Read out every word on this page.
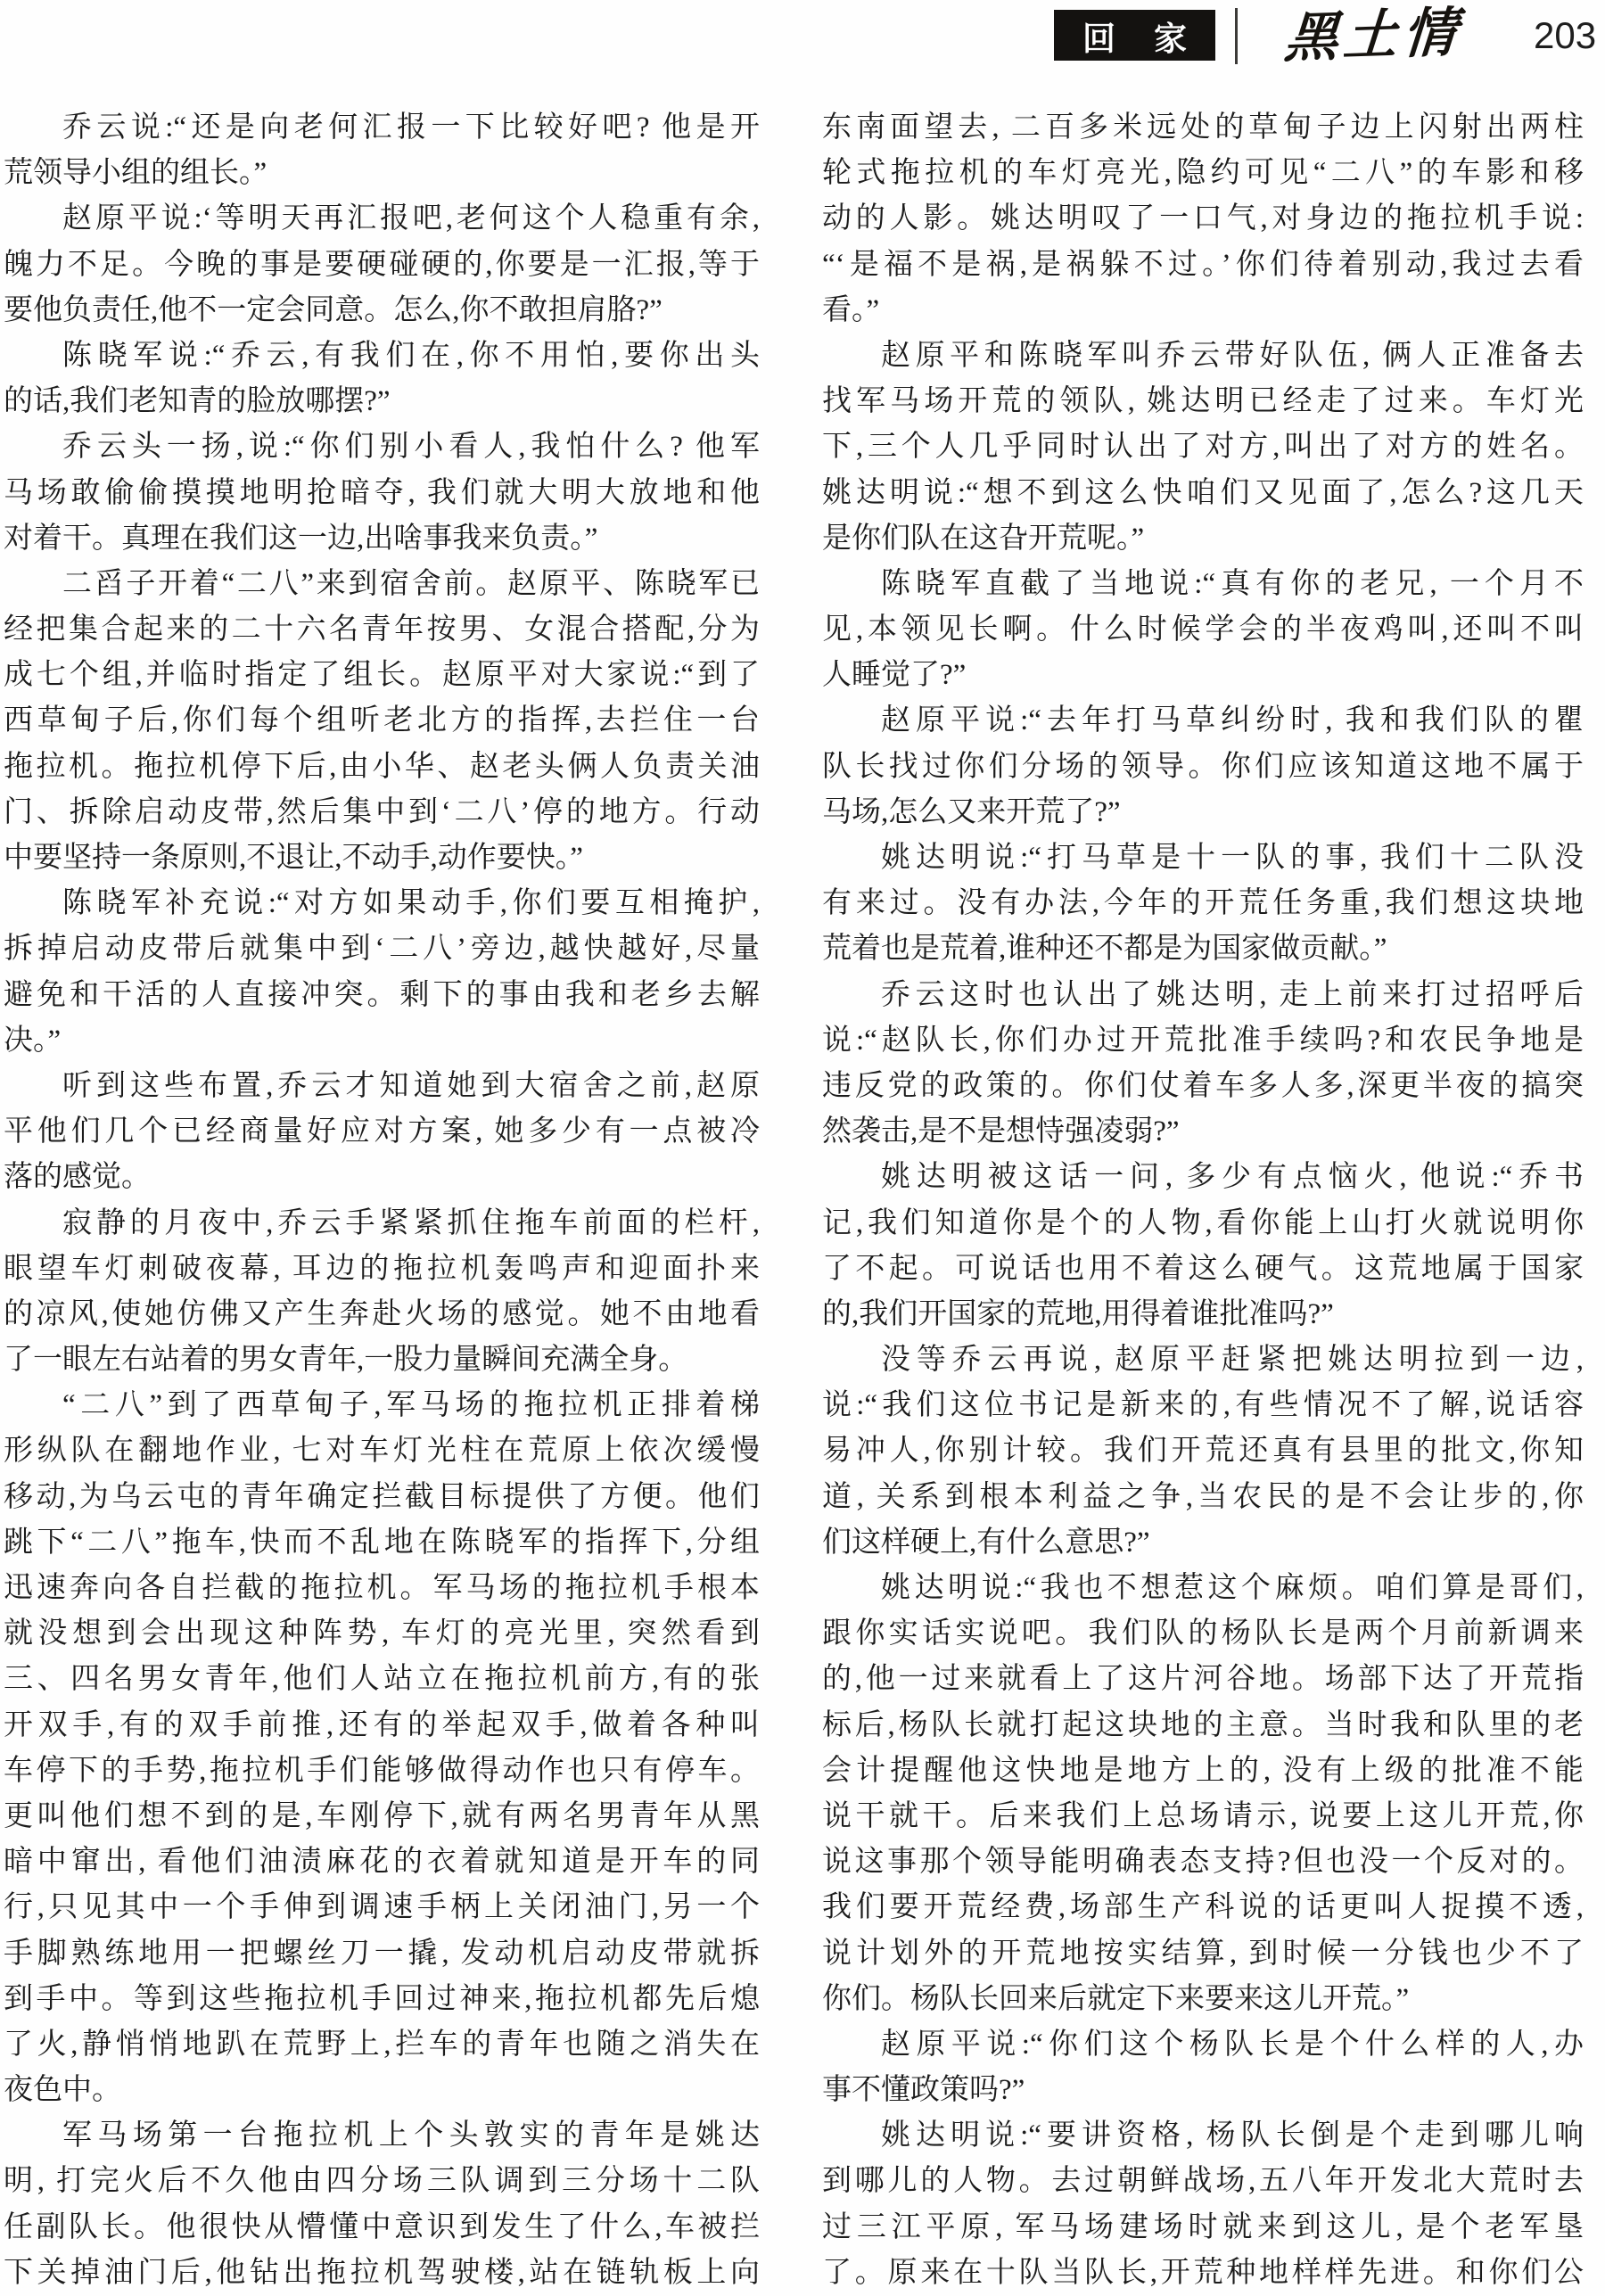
回 家 黑土情	203
乔云说:“还是向老何汇报一下比较好吧? 他是开
荒领导小组的组长。”
赵原平说:‘等明天再汇报吧,老何这个人稳重有余,
魄力不足。今晚的事是要硬碰硬的,你要是一汇报,等于
要他负责任,他不一定会同意。怎么,你不敢担肩胳?”
陈晓军说:“乔云,有我们在,你不用怕,要你出头
的话,我们老知青的脸放哪摆?”
乔云头一扬,说:“你们别小看人,我怕什么? 他军
马场敢偷偷摸摸地明抢暗夺, 我们就大明大放地和他
对着干。真理在我们这一边,出啥事我来负责。”
二舀子开着“二八”来到宿舍前。赵原平、陈晓军已
经把集合起来的二十六名青年按男、女混合搭配,分为
成七个组,并临时指定了组长。赵原平对大家说:“到了
西草甸子后,你们每个组听老北方的指挥,去拦住一台
拖拉机。拖拉机停下后,由小华、赵老头俩人负责关油
门、拆除启动皮带,然后集中到‘二八’停的地方。行动
中要坚持一条原则,不退让,不动手,动作要快。”
陈晓军补充说:“对方如果动手,你们要互相掩护,
拆掉启动皮带后就集中到‘二八’旁边,越快越好,尽量
避免和干活的人直接冲突。剩下的事由我和老乡去解
决。”
听到这些布置,乔云才知道她到大宿舍之前,赵原
平他们几个已经商量好应对方案, 她多少有一点被冷
落的感觉。
寂静的月夜中,乔云手紧紧抓住拖车前面的栏杆,
眼望车灯刺破夜幕, 耳边的拖拉机轰鸣声和迎面扑来
的凉风,使她仿佛又产生奔赴火场的感觉。她不由地看
了一眼左右站着的男女青年,一股力量瞬间充满全身。
“二八”到了西草甸子,军马场的拖拉机正排着梯
形纵队在翻地作业, 七对车灯光柱在荒原上依次缓慢
移动,为乌云屯的青年确定拦截目标提供了方便。他们
跳下“二八”拖车,快而不乱地在陈晓军的指挥下,分组
迅速奔向各自拦截的拖拉机。军马场的拖拉机手根本
就没想到会出现这种阵势, 车灯的亮光里, 突然看到
三、四名男女青年,他们人站立在拖拉机前方,有的张
开双手,有的双手前推,还有的举起双手,做着各种叫
车停下的手势,拖拉机手们能够做得动作也只有停车。
更叫他们想不到的是,车刚停下,就有两名男青年从黑
暗中窜出, 看他们油渍麻花的衣着就知道是开车的同
行,只见其中一个手伸到调速手柄上关闭油门,另一个
手脚熟练地用一把螺丝刀一撬, 发动机启动皮带就拆
到手中。等到这些拖拉机手回过神来,拖拉机都先后熄
了火,静悄悄地趴在荒野上,拦车的青年也随之消失在
夜色中。
军马场第一台拖拉机上个头敦实的青年是姚达
明, 打完火后不久他由四分场三队调到三分场十二队
任副队长。他很快从懵懂中意识到发生了什么,车被拦
下关掉油门后,他钻出拖拉机驾驶楼,站在链轨板上向
东南面望去, 二百多米远处的草甸子边上闪射出两柱
轮式拖拉机的车灯亮光,隐约可见“二八”的车影和移
动的人影。姚达明叹了一口气,对身边的拖拉机手说:
“‘是福不是祸,是祸躲不过。’你们待着别动,我过去看
看。”
赵原平和陈晓军叫乔云带好队伍, 俩人正准备去
找军马场开荒的领队, 姚达明已经走了过来。车灯光
下,三个人几乎同时认出了对方,叫出了对方的姓名。
姚达明说:“想不到这么快咱们又见面了,怎么?这几天
是你们队在这旮开荒呢。”
陈晓军直截了当地说:“真有你的老兄, 一个月不
见,本领见长啊。什么时候学会的半夜鸡叫,还叫不叫
人睡觉了?”
赵原平说:“去年打马草纠纷时, 我和我们队的瞿
队长找过你们分场的领导。你们应该知道这地不属于
马场,怎么又来开荒了?”
姚达明说:“打马草是十一队的事, 我们十二队没
有来过。没有办法,今年的开荒任务重,我们想这块地
荒着也是荒着,谁种还不都是为国家做贡献。”
乔云这时也认出了姚达明, 走上前来打过招呼后
说:“赵队长,你们办过开荒批准手续吗?和农民争地是
违反党的政策的。你们仗着车多人多,深更半夜的搞突
然袭击,是不是想恃强凌弱?”
姚达明被这话一问, 多少有点恼火, 他说:“乔书
记,我们知道你是个的人物,看你能上山打火就说明你
了不起。可说话也用不着这么硬气。这荒地属于国家
的,我们开国家的荒地,用得着谁批准吗?”
没等乔云再说, 赵原平赶紧把姚达明拉到一边,
说:“我们这位书记是新来的,有些情况不了解,说话容
易冲人,你别计较。我们开荒还真有县里的批文,你知
道, 关系到根本利益之争,当农民的是不会让步的,你
们这样硬上,有什么意思?”
姚达明说:“我也不想惹这个麻烦。咱们算是哥们,
跟你实话实说吧。我们队的杨队长是两个月前新调来
的,他一过来就看上了这片河谷地。场部下达了开荒指
标后,杨队长就打起这块地的主意。当时我和队里的老
会计提醒他这快地是地方上的, 没有上级的批准不能
说干就干。后来我们上总场请示, 说要上这儿开荒,你
说这事那个领导能明确表态支持?但也没一个反对的。
我们要开荒经费,场部生产科说的话更叫人捉摸不透,
说计划外的开荒地按实结算, 到时候一分钱也少不了
你们。杨队长回来后就定下来要来这儿开荒。”
赵原平说:“你们这个杨队长是个什么样的人,办
事不懂政策吗?”
姚达明说:“要讲资格, 杨队长倒是个走到哪儿响
到哪儿的人物。去过朝鲜战场,五八年开发北大荒时去
过三江平原, 军马场建场时就来到这儿, 是个老军垦
了。原来在十队当队长,开荒种地样样先进。和你们公
